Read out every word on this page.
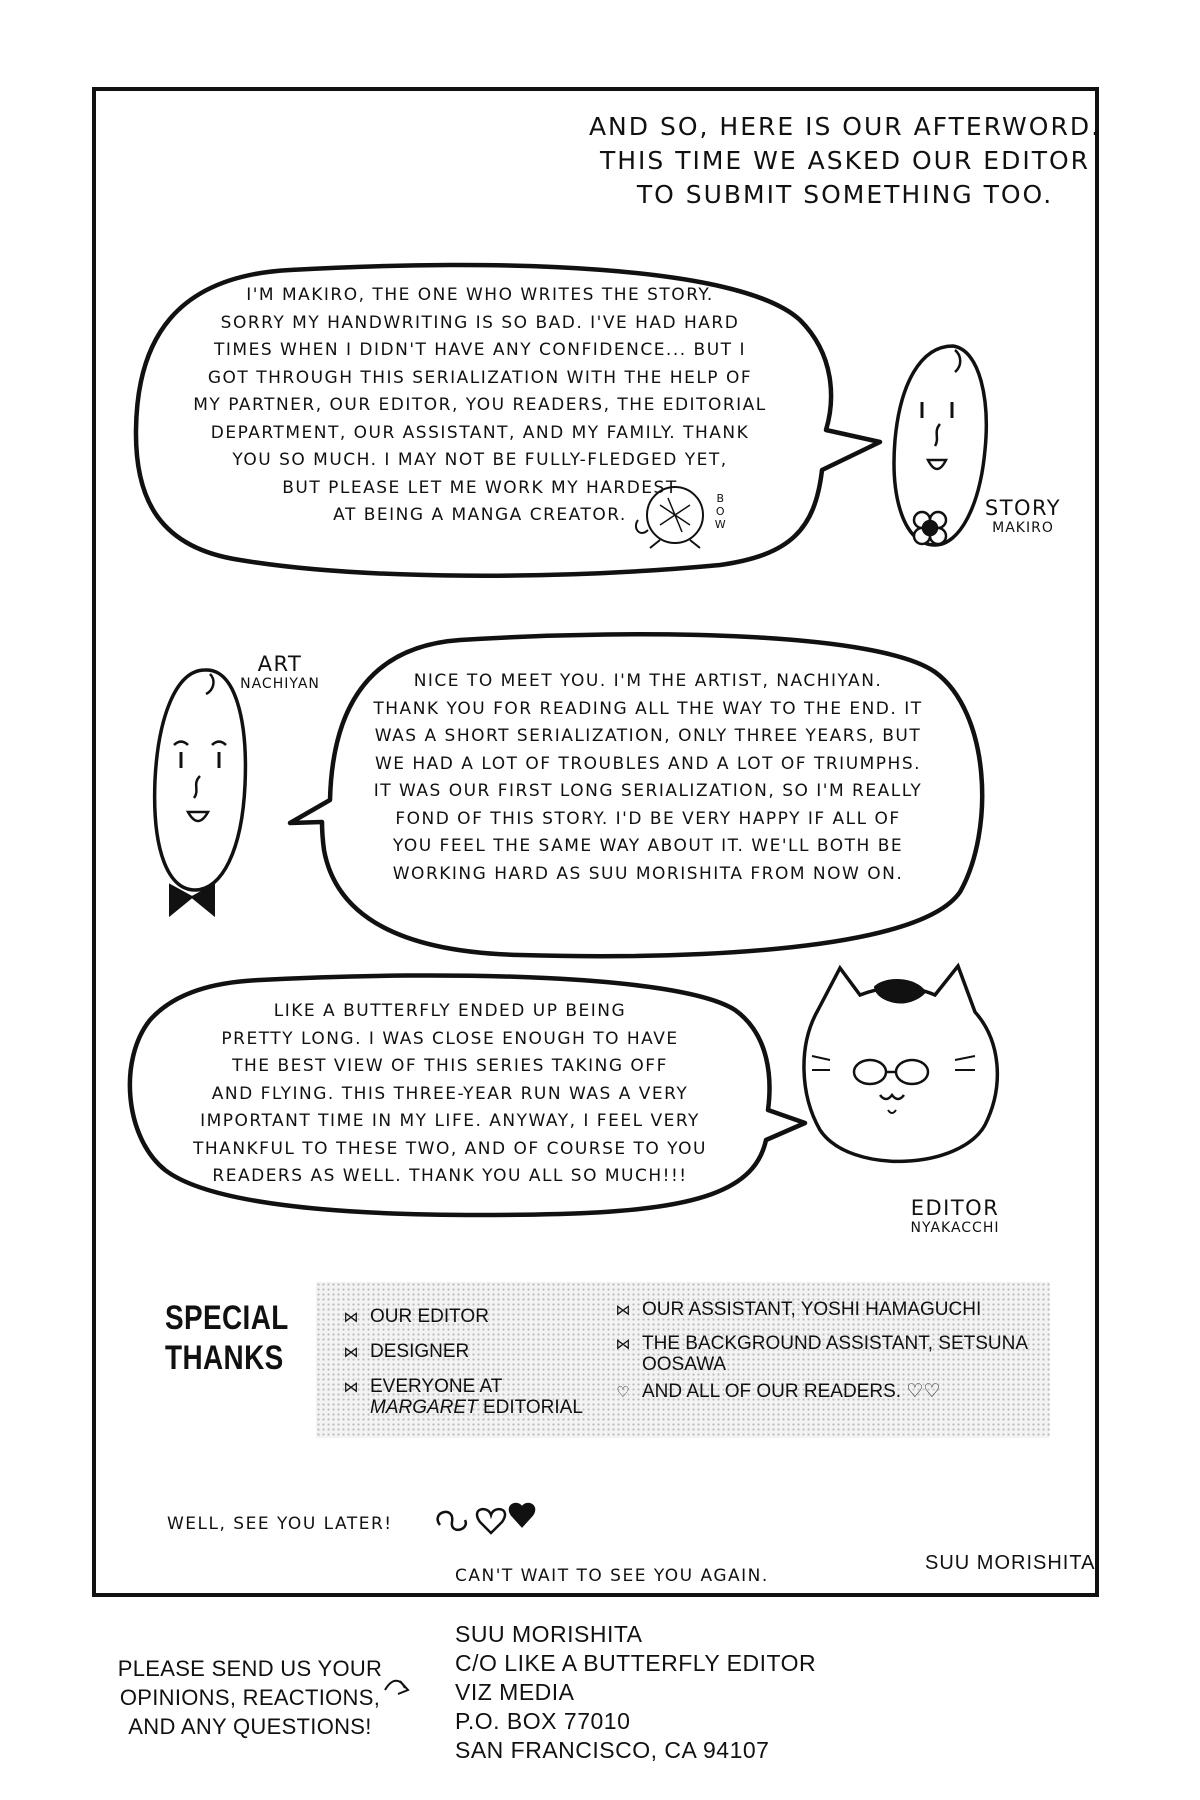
AND SO, HERE IS OUR AFTERWORD.
THIS TIME WE ASKED OUR EDITOR
TO SUBMIT SOMETHING TOO.
I'M MAKIRO, THE ONE WHO WRITES THE STORY.
SORRY MY HANDWRITING IS SO BAD. I'VE HAD HARD
TIMES WHEN I DIDN'T HAVE ANY CONFIDENCE... BUT I
GOT THROUGH THIS SERIALIZATION WITH THE HELP OF
MY PARTNER, OUR EDITOR, YOU READERS, THE EDITORIAL
DEPARTMENT, OUR ASSISTANT, AND MY FAMILY. THANK
YOU SO MUCH. I MAY NOT BE FULLY-FLEDGED YET,
BUT PLEASE LET ME WORK MY HARDEST
AT BEING A MANGA CREATOR.
B
O
W
STORY
MAKIRO
NICE TO MEET YOU. I'M THE ARTIST, NACHIYAN.
THANK YOU FOR READING ALL THE WAY TO THE END. IT
WAS A SHORT SERIALIZATION, ONLY THREE YEARS, BUT
WE HAD A LOT OF TROUBLES AND A LOT OF TRIUMPHS.
IT WAS OUR FIRST LONG SERIALIZATION, SO I'M REALLY
FOND OF THIS STORY. I'D BE VERY HAPPY IF ALL OF
YOU FEEL THE SAME WAY ABOUT IT. WE'LL BOTH BE
WORKING HARD AS SUU MORISHITA FROM NOW ON.
ART
NACHIYAN
LIKE A BUTTERFLY ENDED UP BEING
PRETTY LONG. I WAS CLOSE ENOUGH TO HAVE
THE BEST VIEW OF THIS SERIES TAKING OFF
AND FLYING. THIS THREE-YEAR RUN WAS A VERY
IMPORTANT TIME IN MY LIFE. ANYWAY, I FEEL VERY
THANKFUL TO THESE TWO, AND OF COURSE TO YOU
READERS AS WELL. THANK YOU ALL SO MUCH!!!
EDITOR
NYAKACCHI
SPECIAL
THANKS
⋈ OUR EDITOR
⋈ DESIGNER
⋈ EVERYONE AT
MARGARET EDITORIAL
⋈ OUR ASSISTANT, YOSHI HAMAGUCHI
⋈ THE BACKGROUND ASSISTANT, SETSUNA
OOSAWA
♡ AND ALL OF OUR READERS. ♡♡
WELL, SEE YOU LATER!
CAN'T WAIT TO SEE YOU AGAIN.
SUU MORISHITA
PLEASE SEND US YOUR
OPINIONS, REACTIONS,
AND ANY QUESTIONS!
SUU MORISHITA
C/O LIKE A BUTTERFLY EDITOR
VIZ MEDIA
P.O. BOX 77010
SAN FRANCISCO, CA 94107
